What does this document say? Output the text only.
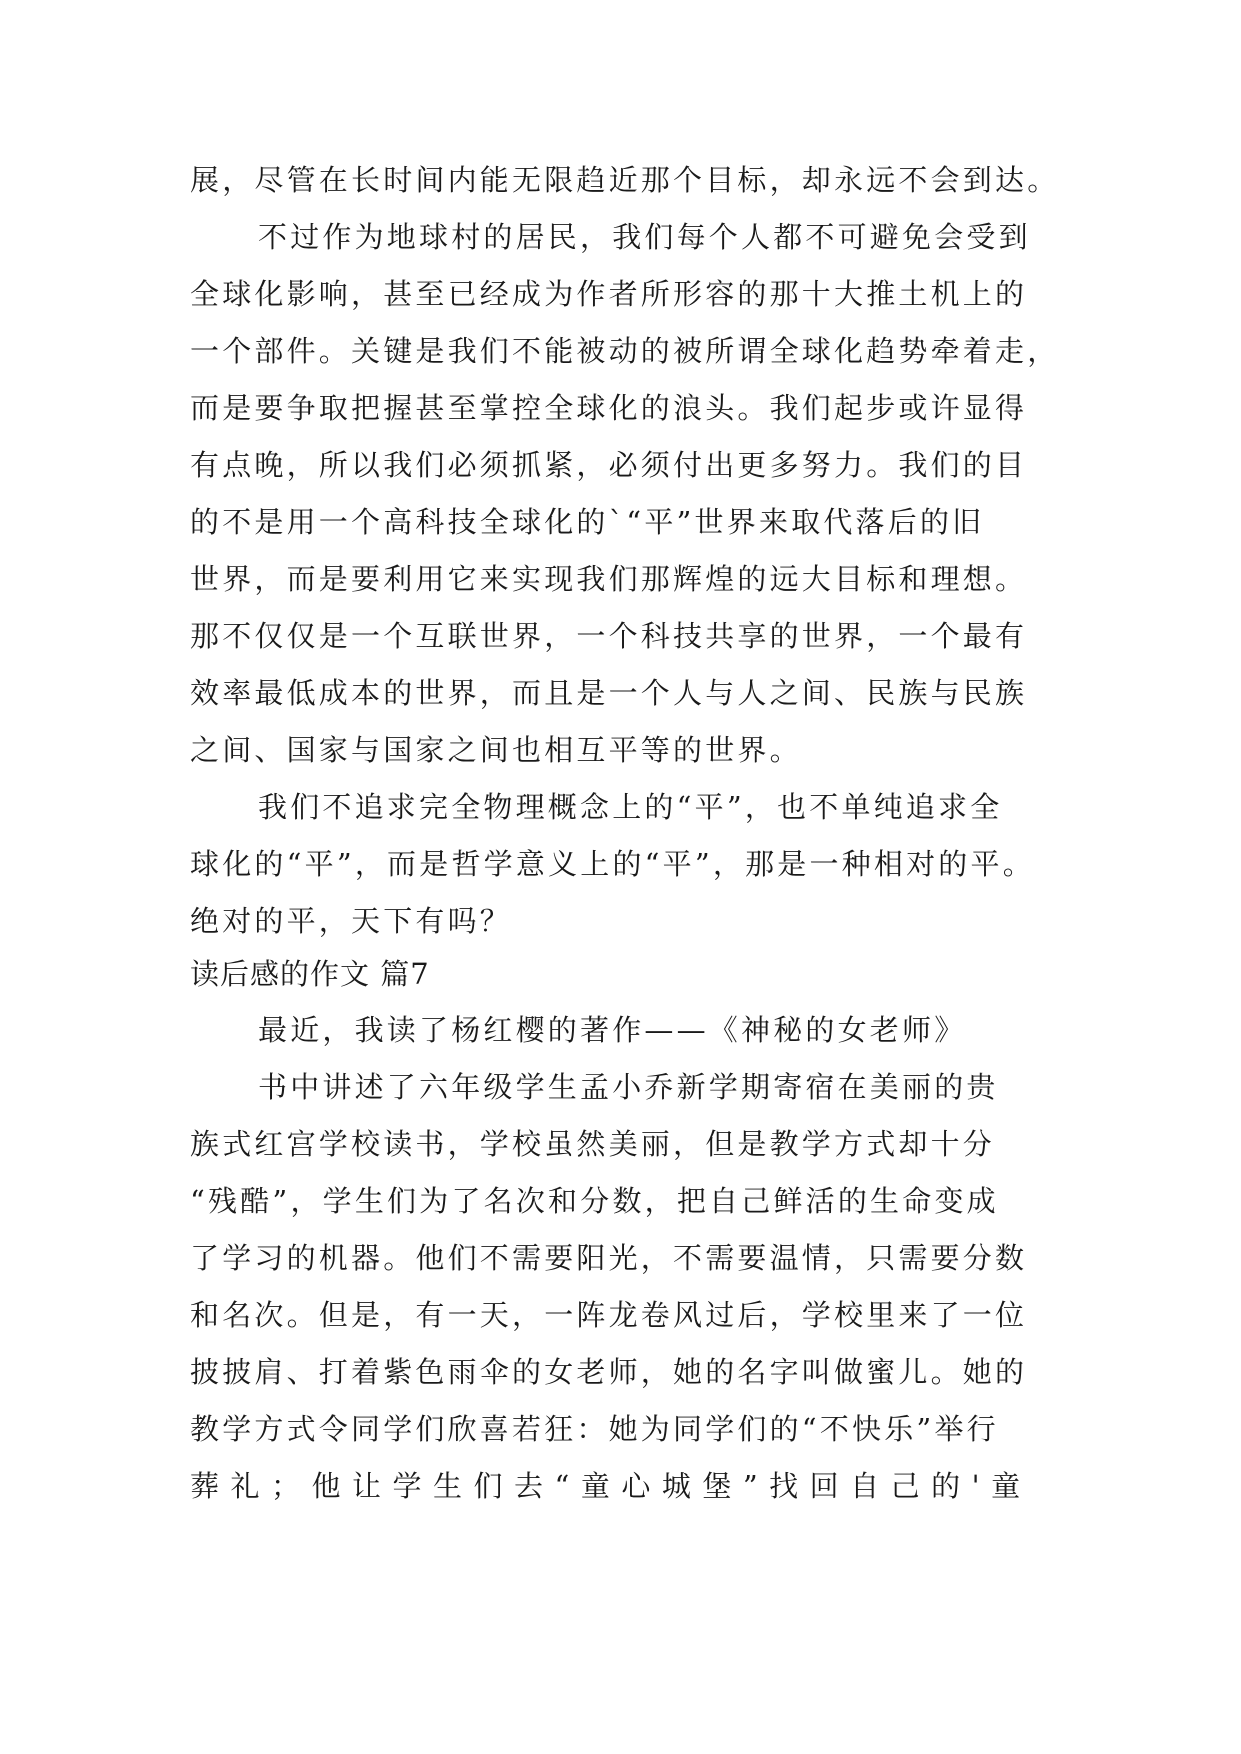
展，尽管在长时间内能无限趋近那个目标，却永远不会到达。
不过作为地球村的居民，我们每个人都不可避免会受到
全球化影响，甚至已经成为作者所形容的那十大推土机上的
一个部件。关键是我们不能被动的被所谓全球化趋势牵着走，
而是要争取把握甚至掌控全球化的浪头。我们起步或许显得
有点晚，所以我们必须抓紧，必须付出更多努力。我们的目
的不是用一个高科技全球化的`“平”世界来取代落后的旧
世界，而是要利用它来实现我们那辉煌的远大目标和理想。
那不仅仅是一个互联世界，一个科技共享的世界，一个最有
效率最低成本的世界，而且是一个人与人之间、民族与民族
之间、国家与国家之间也相互平等的世界。
我们不追求完全物理概念上的“平”，也不单纯追求全
球化的“平”，而是哲学意义上的“平”，那是一种相对的平。
绝对的平，天下有吗？
读后感的作文 篇7
最近，我读了杨红樱的著作——《神秘的女老师》
书中讲述了六年级学生孟小乔新学期寄宿在美丽的贵
族式红宫学校读书，学校虽然美丽，但是教学方式却十分
“残酷”，学生们为了名次和分数，把自己鲜活的生命变成
了学习的机器。他们不需要阳光，不需要温情，只需要分数
和名次。但是，有一天，一阵龙卷风过后，学校里来了一位
披披肩、打着紫色雨伞的女老师，她的名字叫做蜜儿。她的
教学方式令同学们欣喜若狂：她为同学们的“不快乐”举行
葬礼；他让学生们去“童心城堡”找回自己的'童
